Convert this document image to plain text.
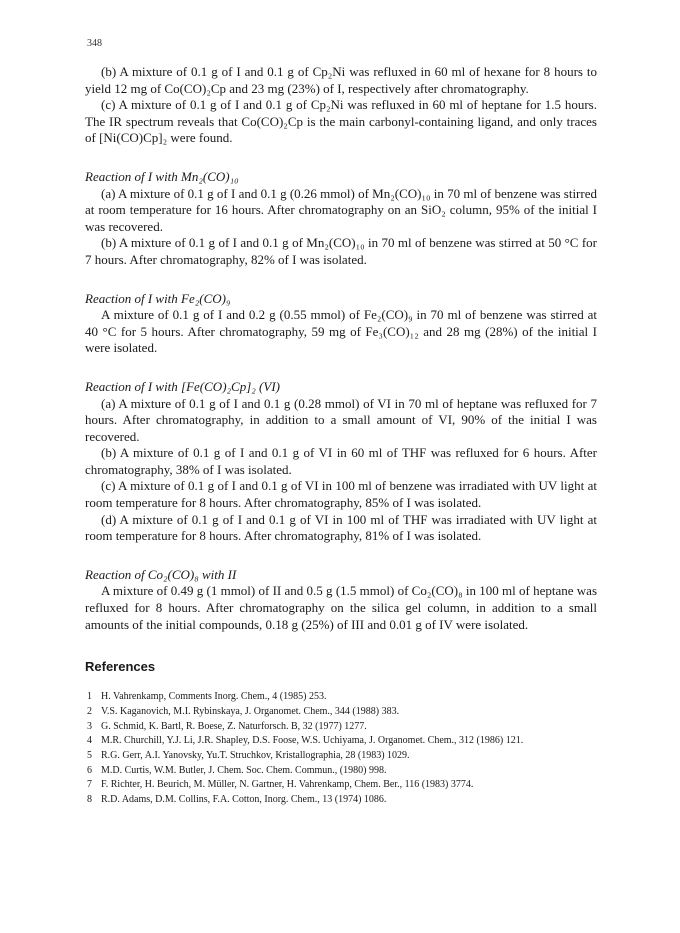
348

(b) A mixture of 0.1 g of I and 0.1 g of Cp₂Ni was refluxed in 60 ml of hexane for 8 hours to yield 12 mg of Co(CO)₂Cp and 23 mg (23%) of I, respectively after chromatography.

(c) A mixture of 0.1 g of I and 0.1 g of Cp₂Ni was refluxed in 60 ml of heptane for 1.5 hours. The IR spectrum reveals that Co(CO)₂Cp is the main carbonyl-containing ligand, and only traces of [Ni(CO)Cp]₂ were found.

Reaction of I with Mn₂(CO)₁₀

(a) A mixture of 0.1 g of I and 0.1 g (0.26 mmol) of Mn₂(CO)₁₀ in 70 ml of benzene was stirred at room temperature for 16 hours. After chromatography on an SiO₂ column, 95% of the initial I was recovered.

(b) A mixture of 0.1 g of I and 0.1 g of Mn₂(CO)₁₀ in 70 ml of benzene was stirred at 50 °C for 7 hours. After chromatography, 82% of I was isolated.

Reaction of I with Fe₂(CO)₉

A mixture of 0.1 g of I and 0.2 g (0.55 mmol) of Fe₂(CO)₉ in 70 ml of benzene was stirred at 40 °C for 5 hours. After chromatography, 59 mg of Fe₃(CO)₁₂ and 28 mg (28%) of the initial I were isolated.

Reaction of I with [Fe(CO)₂Cp]₂ (VI)

(a) A mixture of 0.1 g of I and 0.1 g (0.28 mmol) of VI in 70 ml of heptane was refluxed for 7 hours. After chromatography, in addition to a small amount of VI, 90% of the initial I was recovered.

(b) A mixture of 0.1 g of I and 0.1 g of VI in 60 ml of THF was refluxed for 6 hours. After chromatography, 38% of I was isolated.

(c) A mixture of 0.1 g of I and 0.1 g of VI in 100 ml of benzene was irradiated with UV light at room temperature for 8 hours. After chromatography, 85% of I was isolated.

(d) A mixture of 0.1 g of I and 0.1 g of VI in 100 ml of THF was irradiated with UV light at room temperature for 8 hours. After chromatography, 81% of I was isolated.

Reaction of Co₂(CO)₈ with II

A mixture of 0.49 g (1 mmol) of II and 0.5 g (1.5 mmol) of Co₂(CO)₈ in 100 ml of heptane was refluxed for 8 hours. After chromatography on the silica gel column, in addition to a small amounts of the initial compounds, 0.18 g (25%) of III and 0.01 g of IV were isolated.

References
1 H. Vahrenkamp, Comments Inorg. Chem., 4 (1985) 253.
2 V.S. Kaganovich, M.I. Rybinskaya, J. Organomet. Chem., 344 (1988) 383.
3 G. Schmid, K. Bartl, R. Boese, Z. Naturforsch. B, 32 (1977) 1277.
4 M.R. Churchill, Y.J. Li, J.R. Shapley, D.S. Foose, W.S. Uchiyama, J. Organomet. Chem., 312 (1986) 121.
5 R.G. Gerr, A.I. Yanovsky, Yu.T. Struchkov, Kristallographia, 28 (1983) 1029.
6 M.D. Curtis, W.M. Butler, J. Chem. Soc. Chem. Commun., (1980) 998.
7 F. Richter, H. Beurich, M. Müller, N. Gartner, H. Vahrenkamp, Chem. Ber., 116 (1983) 3774.
8 R.D. Adams, D.M. Collins, F.A. Cotton, Inorg. Chem., 13 (1974) 1086.
